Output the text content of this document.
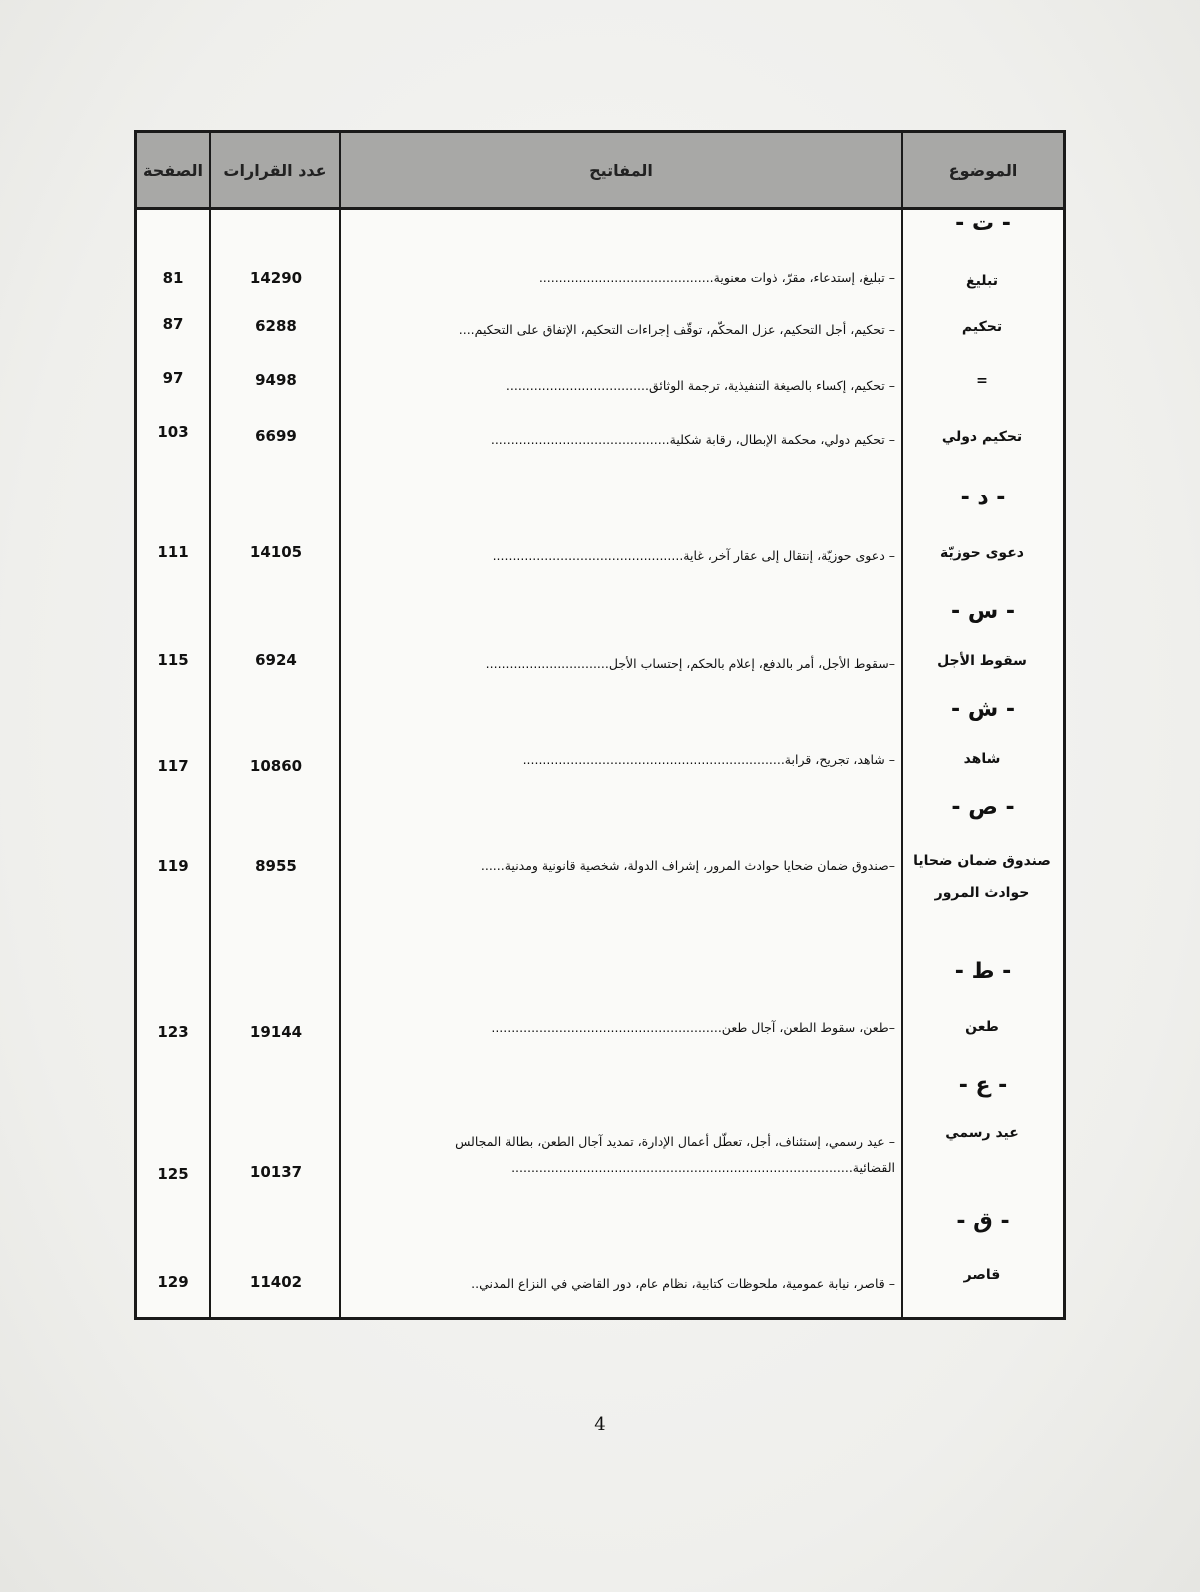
الموضوع
المفاتيح
عدد القرارات
الصفحة
- ت -
- د -
- س -
- ش -
- ص -
- ط -
- ع -
- ق -
تبليغ
– تبليغ، إستدعاء، مقرّ، ذوات معنوية............................................
14290
81
تحكيم
– تحكيم، أجل التحكيم، عزل المحكّم، توقّف إجراءات التحكيم، الإتفاق على التحكيم....
6288
87
=
– تحكيم، إكساء بالصيغة التنفيذية، ترجمة الوثائق....................................
9498
97
تحكيم دولي
– تحكيم دولي، محكمة الإبطال، رقابة شكلية.............................................
6699
103
دعوى حوزيّة
– دعوى حوزيّة، إنتقال إلى عقار آخر، غاية................................................
14105
111
سقوط الأجل
–سقوط الأجل، أمر بالدفع، إعلام بالحكم، إحتساب الأجل...............................
6924
115
شاهد
– شاهد، تجريح، قرابة..................................................................
10860
117
صندوق ضمان ضحايا حوادث المرور
–صندوق ضمان ضحايا حوادث المرور، إشراف الدولة، شخصية قانونية ومدنية......
8955
119
طعن
–طعن، سقوط الطعن، آجال طعن..........................................................
19144
123
عيد رسمي
– عيد رسمي، إستئناف، أجل، تعطّل أعمال الإدارة، تمديد آجال الطعن، بطالة المجالس القضائية......................................................................................
10137
125
قاصر
– قاصر، نيابة عمومية، ملحوظات كتابية، نظام عام، دور القاضي في النزاع المدني..
11402
129
4
